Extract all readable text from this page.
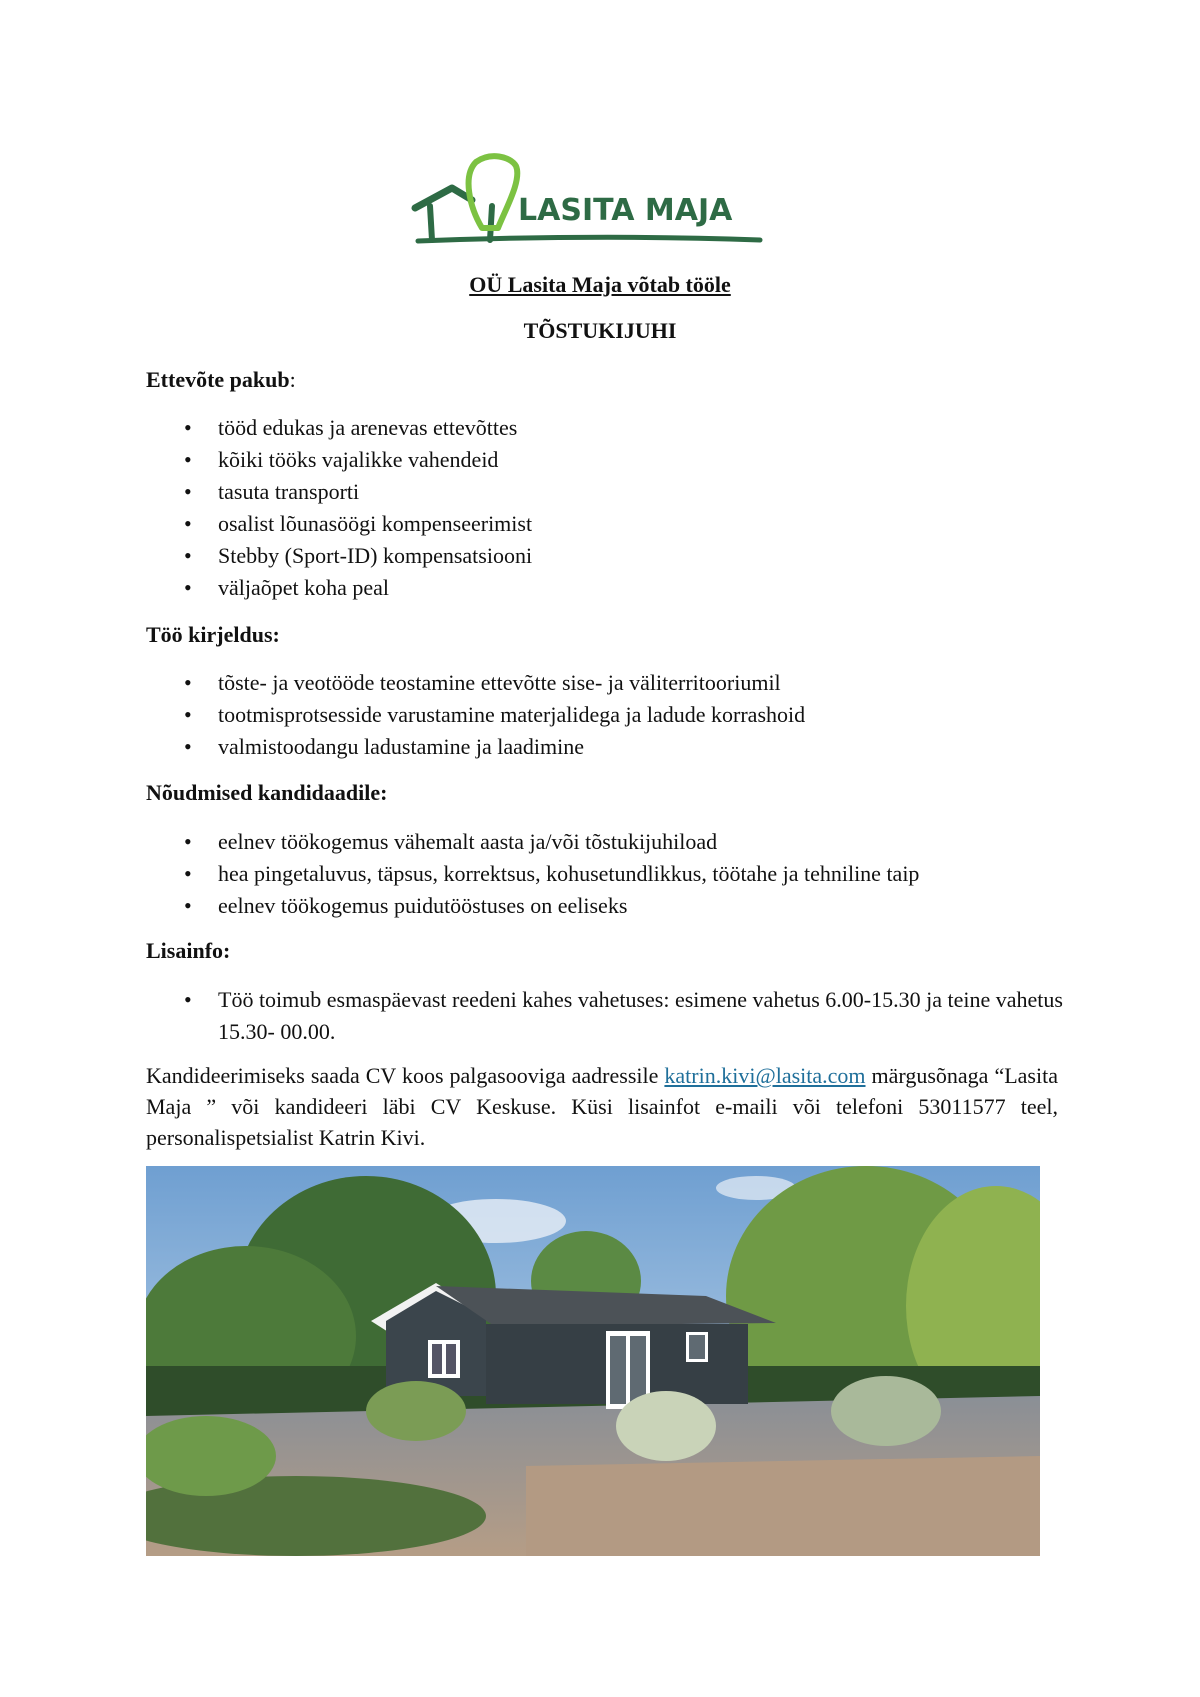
LASITA MAJA
OÜ Lasita Maja võtab tööle
TÕSTUKIJUHI
Ettevõte pakub:
• tööd edukas ja arenevas ettevõttes
• kõiki tööks vajalikke vahendeid
• tasuta transporti
• osalist lõunasöögi kompenseerimist
• Stebby (Sport-ID) kompensatsiooni
• väljaõpet koha peal
Töö kirjeldus:
• tõste- ja veotööde teostamine ettevõtte sise- ja väliterritooriumil
• tootmisprotsesside varustamine materjalidega ja ladude korrashoid
• valmistoodangu ladustamine ja laadimine
Nõudmised kandidaadile:
• eelnev töökogemus vähemalt aasta ja/või tõstukijuhiload
• hea pingetaluvus, täpsus, korrektsus, kohusetundlikkus, töötahe ja tehniline taip
• eelnev töökogemus puidutööstuses on eeliseks
Lisainfo:
• Töö toimub esmaspäevast reedeni kahes vahetuses: esimene vahetus 6.00-15.30 ja teine vahetus 15.30- 00.00.
Kandideerimiseks saada CV koos palgasooviga aadressile katrin.kivi@lasita.com märgusõnaga “Lasita Maja ” või kandideeri läbi CV Keskuse. Küsi lisainfot e-maili või telefoni 53011577 teel, personalispetsialist Katrin Kivi.
